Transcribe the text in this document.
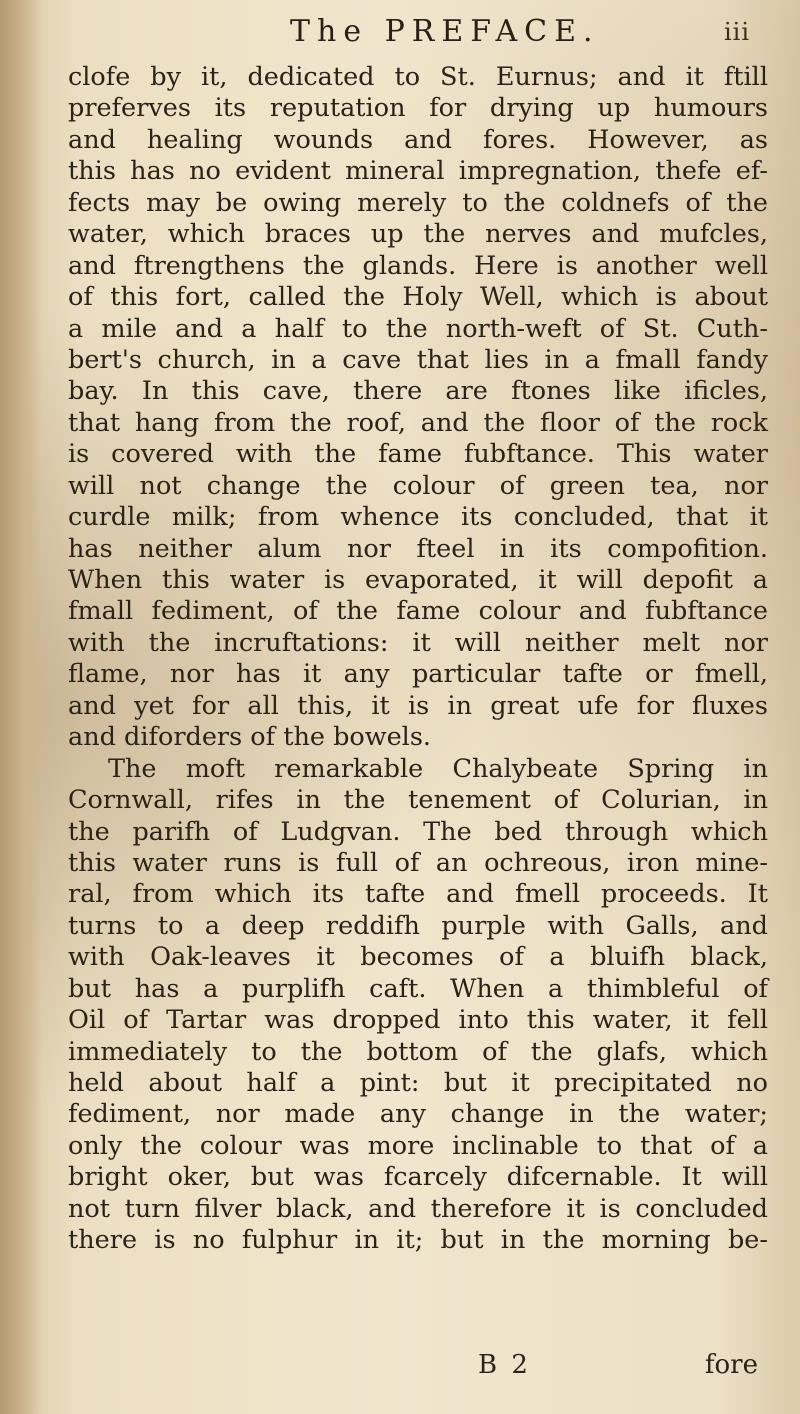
The PREFACE.	iii
clofe by it, dedicated to St. Eurnus; and it ftill
preferves its reputation for drying up humours
and healing wounds and fores. However, as
this has no evident mineral impregnation, thefe ef-
fects may be owing merely to the coldnefs of the
water, which braces up the nerves and mufcles,
and ftrengthens the glands. Here is another well
of this fort, called the Holy Well, which is about
a mile and a half to the north-weft of St. Cuth-
bert's church, in a cave that lies in a fmall fandy
bay. In this cave, there are ftones like ificles,
that hang from the roof, and the floor of the rock
is covered with the fame fubftance. This water
will not change the colour of green tea, nor
curdle milk; from whence its concluded, that it
has neither alum nor fteel in its compofition.
When this water is evaporated, it will depofit a
fmall fediment, of the fame colour and fubftance
with the incruftations: it will neither melt nor
flame, nor has it any particular tafte or fmell,
and yet for all this, it is in great ufe for fluxes
and diforders of the bowels.
The moft remarkable Chalybeate Spring in
Cornwall, rifes in the tenement of Colurian, in
the parifh of Ludgvan. The bed through which
this water runs is full of an ochreous, iron mine-
ral, from which its tafte and fmell proceeds. It
turns to a deep reddifh purple with Galls, and
with Oak-leaves it becomes of a bluifh black,
but has a purplifh caft. When a thimbleful of
Oil of Tartar was dropped into this water, it fell
immediately to the bottom of the glafs, which
held about half a pint: but it precipitated no
fediment, nor made any change in the water;
only the colour was more inclinable to that of a
bright oker, but was fcarcely difcernable. It will
not turn filver black, and therefore it is concluded
there is no fulphur in it; but in the morning be-
B 2	fore
